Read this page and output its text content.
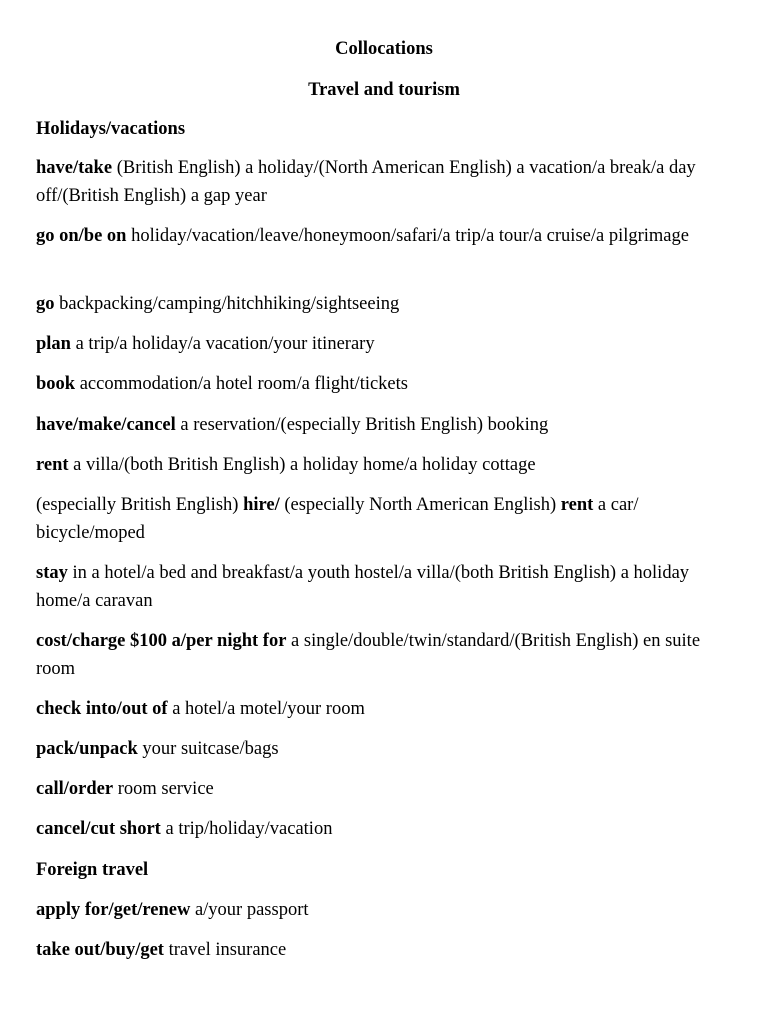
Collocations
Travel and tourism
Holidays/vacations
have/take (British English) a holiday/(North American English) a vacation/a break/a day off/(British English) a gap year
go on/be on holiday/vacation/leave/honeymoon/safari/a trip/a tour/a cruise/a pilgrimage
go backpacking/camping/hitchhiking/sightseeing
plan a trip/a holiday/a vacation/your itinerary
book accommodation/a hotel room/a flight/tickets
have/make/cancel a reservation/(especially British English) booking
rent a villa/(both British English) a holiday home/a holiday cottage
(especially British English) hire/ (especially North American English) rent a car/ bicycle/moped
stay in a hotel/a bed and breakfast/a youth hostel/a villa/(both British English) a holiday home/a caravan
cost/charge $100 a/per night for a single/double/twin/standard/(British English) en suite room
check into/out of a hotel/a motel/your room
pack/unpack your suitcase/bags
call/order room service
cancel/cut short a trip/holiday/vacation
Foreign travel
apply for/get/renew a/your passport
take out/buy/get travel insurance
